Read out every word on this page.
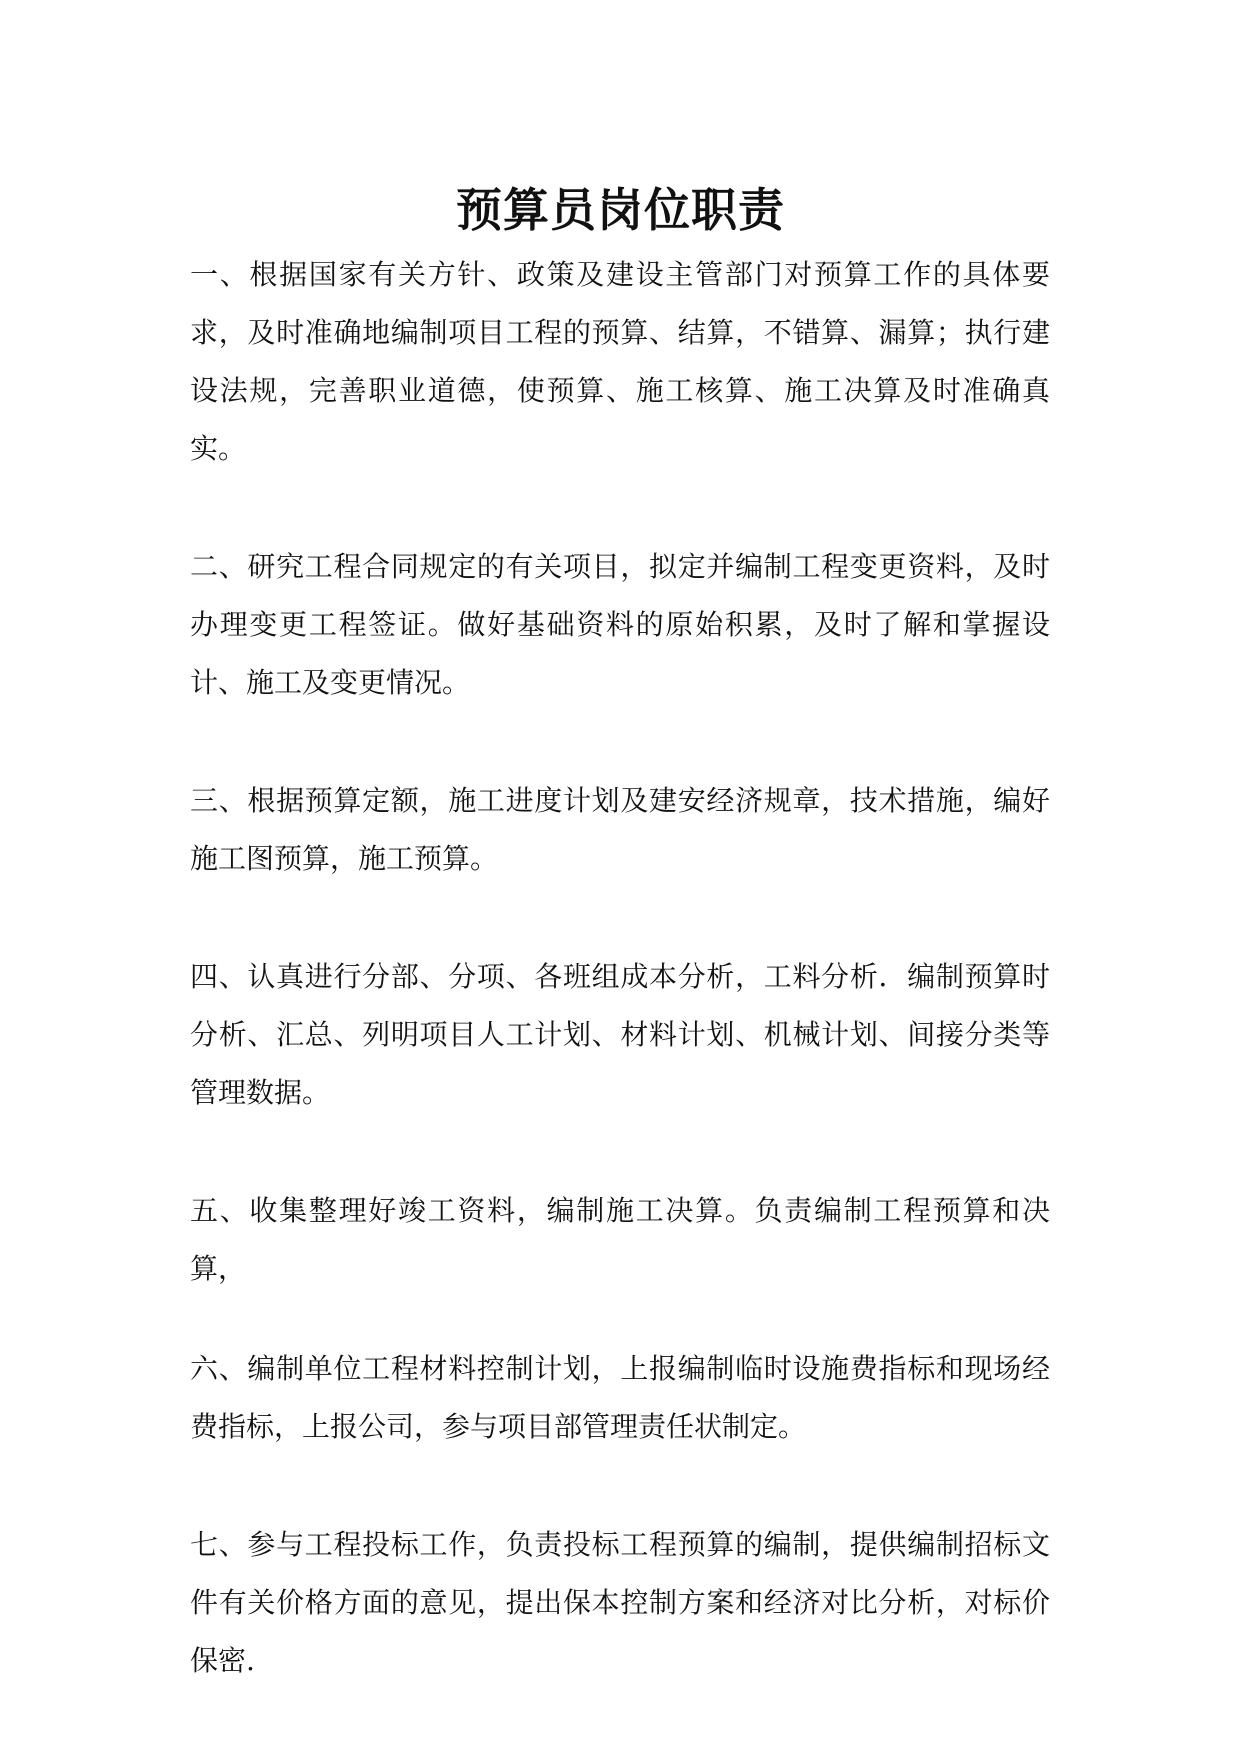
预算员岗位职责

一、根据国家有关方针、政策及建设主管部门对预算工作的具体要求，及时准确地编制项目工程的预算、结算，不错算、漏算；执行建设法规，完善职业道德，使预算、施工核算、施工决算及时准确真实。

二、研究工程合同规定的有关项目，拟定并编制工程变更资料，及时办理变更工程签证。做好基础资料的原始积累，及时了解和掌握设计、施工及变更情况。

三、根据预算定额，施工进度计划及建安经济规章，技术措施，编好施工图预算，施工预算。

四、认真进行分部、分项、各班组成本分析，工料分析．编制预算时分析、汇总、列明项目人工计划、材料计划、机械计划、间接分类等管理数据。

五、收集整理好竣工资料，编制施工决算。负责编制工程预算和决算，

六、编制单位工程材料控制计划，上报编制临时设施费指标和现场经费指标，上报公司，参与项目部管理责任状制定。

七、参与工程投标工作，负责投标工程预算的编制，提供编制招标文件有关价格方面的意见，提出保本控制方案和经济对比分析，对标价保密.
